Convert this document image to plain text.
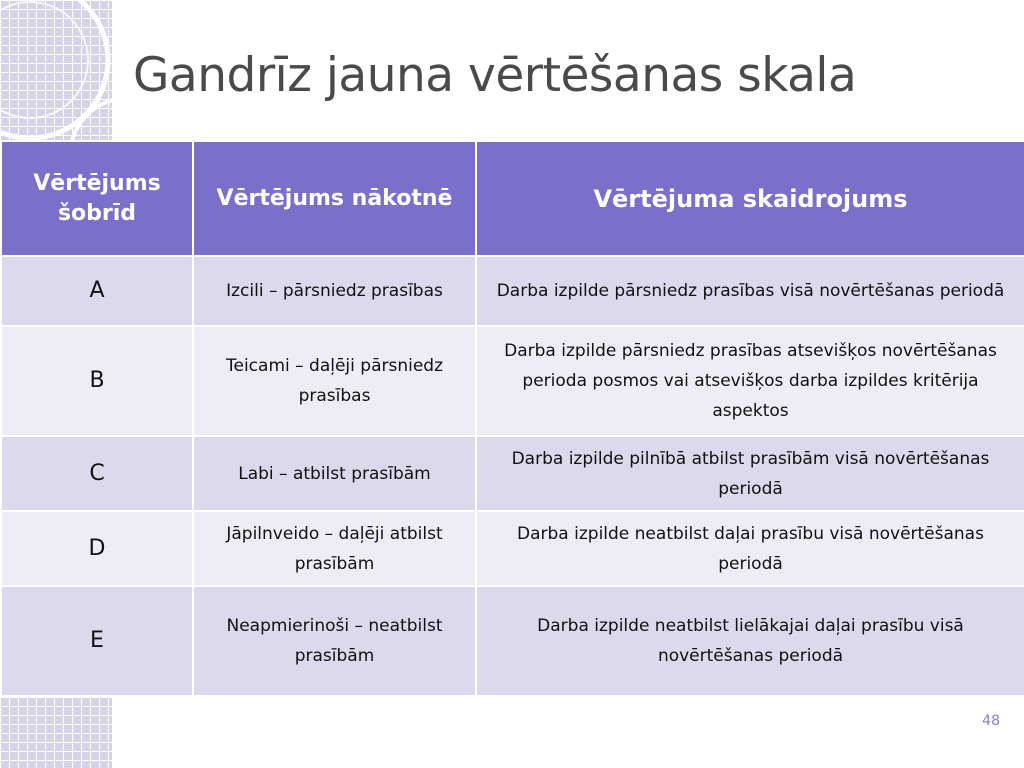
Gandrīz jauna vērtēšanas skala
Vērtējums šobrīd	Vērtējums nākotnē	Vērtējuma skaidrojums
A	Izcili – pārsniedz prasības	Darba izpilde pārsniedz prasības visā novērtēšanas periodā
B	Teicami – daļēji pārsniedz prasības	Darba izpilde pārsniedz prasības atsevišķos novērtēšanas perioda posmos vai atsevišķos darba izpildes kritērija aspektos
C	Labi – atbilst prasībām	Darba izpilde pilnībā atbilst prasībām visā novērtēšanas periodā
D	Jāpilnveido – daļēji atbilst prasībām	Darba izpilde neatbilst daļai prasību visā novērtēšanas periodā
E	Neapmierinoši – neatbilst prasībām	Darba izpilde neatbilst lielākajai daļai prasību visā novērtēšanas periodā
48
